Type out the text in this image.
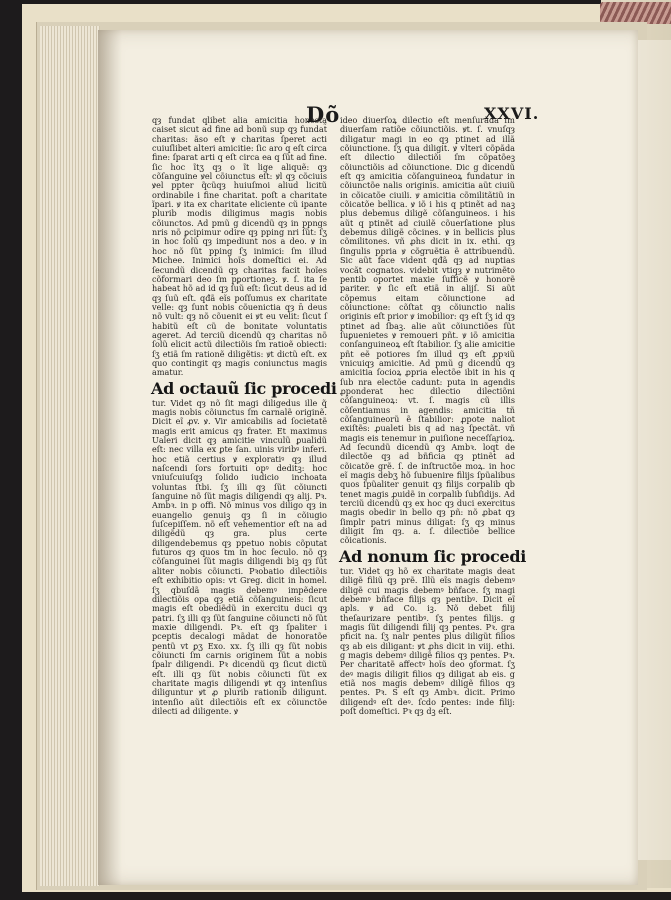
Dõ	XXVI.

qȝ fundat qlibet alia amicitia honesta caiset sicut ad fine ad bonũ sup qȝ fundat̃ charitas: ãso eſt ꝟ charitas ſperet acti cuiuſlibet alteri amicitie: ſic aro q eſt circa fine: ſparat arti q eſt circa ea q ſũt ad fine. ſic hoc ĩtʒ qȝ o ĩt lige aliquẽ: qȝ cõſanguine ꝟel cõiunctus eſt: ꝟl qȝ cõciuis ꝟel ppter q̃cũqȝ huiuſmoi aliud licitũ ordinabile i fine charitat. poſt a charitate ĩpari. ꝟ ita ex charitate eliciente cũ ipante plurib modis diligimus magis nobis cõiunctos. Ad pmũ g dicendũ qȝ in ppngs nris nõ ꝑcipimur odire qȝ pping nri ſũt: ſʒ in hoc ſolũ qȝ impediunt nos a deo. ꝟ in hoc nõ ſũt pping ſʒ inimici: ſm illud Michee. Inimici hoĩs domeſtici ei. Ad ſecundũ dicendũ qȝ charitas facit hoĩes cõformari deo ſm pꝑortioneꝫ. ꝟ. ſ. ita ſe habeat hõ ad id qȝ ſuũ eſt: ſicut deus ad id qȝ ſuũ eſt. qđã eĩs poſſumus ex charitate velle: qȝ ſunt nobis cõuenictia qȝ n̄ deus nõ vult: qȝ nõ cõuenit ei ꝟt eu velit: ſicut ſ habitũ eſt cũ de bonitate voluntatis ageret. Ad terciũ dicendũ qȝ charitas nõ ſolũ elicit actũ dilectiõis ſm ratioẽ obiecti: ſʒ etiã ſm rationẽ diligẽtis: ꝟt dictũ eſt. ex quo contingit qȝ magis coniunctus magis amatur.

Ad octauũ ſic procedi

tur. Videt qȝ nõ ſit magi diligedus ille q̃ magis nobis cõiunctus ſm carnalẽ originẽ. Dicit eĩ ꝓv. ꝟ. Vir amicabilis ad ſocietatẽ magis erit amicus qȝ frater. Et maximus Ualeri dicit qȝ amicitie vinculũ ꝑualidũ eſt: nec villa ex ꝑte ſan. uinis viribꝰ inferi. hoc etiã certius ꝟ exploratiꝰ qȝ illud naſcendi ſors fortuiti opꝰ deditꝫ: hoc vniuſcuiuſqȝ ſolido iudicio inchoata voluntas ſtbi. ſʒ illi qȝ ſũt cõiuncti ſanguine nõ ſũt magis diligendi qȝ alij. Pꝛ. Ambꝛ. in p offi. Nõ minus vos diligo qȝ in euangelio genuiꝫ qȝ ſi in cõiugio ſuſcepiſſem. nõ eſt vehementior eſt na ad diligẽdũ qȝ gra. plus certe diligendebemus qȝ ppetuo nobis cõputat futuros qȝ quos tm in hoc ſeculo. nõ qȝ cõſanguinei ſũt magis diligendi biꝫ qȝ ſũt aliter nobis cõiuncti. Pꝛobatio dilectiõis eſt exhibitio opis: vt Greg. dicit in homel. ſʒ qbuſdã magis debemꝰ impẽdere dilectiõis opa qȝ etiã cõſanguineis: ſicut magis eſt obediẽdũ in exercitu duci qȝ patri. ſʒ illi qȝ ſũt ſanguine cõiuncti nõ ſũt maxie diligendi. Pꝛ. eſt qȝ ſpaliter i pceptis decalogi mãdat de honoratõe pentũ vt ꝑʒ Exo. xx. ſʒ illi qȝ ſũt nobis cõiuncti ſm carnis originem ſũt a nobis ſpalr diligendi. Pꝛ dicendũ qȝ ſicut dictũ eſt. illi qȝ ſũt nobis cõiuncti ſũt ex charitate magis diligendi ꝟt qȝ intenſius diliguntur ꝟt ꝓ plurib rationib diligunt. intenſio aũt dilectiõis eſt ex cõiunctõe dilecti ad diligente. ꝟ

ideo diuerſoꝝ dilectio eſt menſurãda ſm diuerſam ratiõe cõiunctiõis. ꝟt. ſ. vnuſqȝ diligatur magi in eo qȝ ptinet ad illã cõiunctione. ſʒ qua diligit. ꝟ vlteri cõpãda eſt dilectio dilectiõi ſm cõpatõeꝫ cõiunctiõis ad cõiunctione. Dic g dicendũ eſt qȝ amicitia cõſanguineoꝝ fundatur in cõiunctõe nalis originis. amicitia aũt ciuiũ in cõicatõe ciuili. ꝟ amicitia cõmilitãtiũ in cõicatõe bellica. ꝟ iõ i his q ptinẽt ad naꝫ plus debemus diligẽ cõſanguineos. i his aũt q ptinẽt ad ciuilẽ cõuerſatione plus debemus diligẽ cõcines. ꝟ in bellicis plus cõmilitones. vñ ꝓhs dicit in ix. ethi. qȝ ſingulis ppria ꝟ cõgruẽtia ẽ attribuendũ. Sic aũt face vident qđã qȝ ad nuptias vocãt cognatos. videbit vtiqȝ ꝟ nutrimẽto pentib oportet maxie ſufficẽ ꝟ honorẽ pariter. ꝟ ſic eſt etiã in alijſ. Si aũt cõpemus eitam cõiunctione ad cõiunctione: cõſtat qȝ cõiunctio nalis originis eſt prior ꝟ imobilior: qȝ eſt ſʒ id qȝ ptinet ad ſbaꝫ. alie aũt cõiunctiões ſũt ſuꝑuenietes ꝟ remoueri pñt. ꝟ iõ amicitia conſanguineoꝝ eſt ſtabilior. ſʒ alie amicitie pñt eẽ potiores ſm illud qȝ eſt ꝓpꝛiũ vnicuiqȝ amicitie. Ad pmũ g dicendũ qȝ amicitia ſocioꝝ ꝓpria electõe ibit in his q ſub nra electõe cadunt: puta in agendis ꝓponderat hec dilectio dilectiõni cõſanguineoꝝ: vt. ſ. magis cũ illis cõſentiamus in agendis: amicitia tñ cõſanguineorũ ẽ ſtabilior: ꝓpote naliot exiſtẽs: ꝓualeti bis q ad naꝫ ſpectãt. vñ magis eis tenemur in ꝓuiſione neceſſarioꝝ. Ad ſecundũ dicendũ qȝ Ambꝛ. loqt̃ de dilectõe qȝ ad bñficia qȝ ptinẽt ad cõicatõe grẽ. ſ. de inſtructõe moꝝ. in hoc eĩ magis debʒ hõ ſubuenire filijs ſpũalibus quos ſpũaliter genuit qȝ filijs corpalib qb tenet magis ꝓuidẽ in corpalib ſubſidijs. Ad terciũ dicendũ qȝ ex hoc qȝ duci exercitus magis obedir in bello qȝ pñ: nõ ꝓbat qȝ ſimplr patri minus diligat: ſʒ qȝ minus diligit ſm qȝ. a. ſ. dilectiõe bellice cõicationis.

Ad nonum ſic procedi

tur. Videt qȝ hõ ex charitate magis deat diligẽ filiũ qȝ prẽ. Illũ eĩs magis debemꝰ diligẽ cui magis debemꝰ bñface. ſʒ magi debemꝰ bñface filijs qȝ pentibꝰ. Dicit eĩ apls. ꝟ ad Co. iꝫ. Nõ debet filij theſaurizare pentibꝰ. ſʒ pentes filijs. g magis ſũt diligendi filij qȝ pentes. Pꝛ. gra pficit na. ſʒ nalr pentes plus diligũt filios qȝ ab eis diligant: ꝟt ꝓhs dicit in viij. ethi. g magis debemꝰ diligẽ filios qȝ pentes. Pꝛ. Per charitatẽ affectꝰ hoĩs deo ꝯformat. ſʒ deꝰ magis diligit filios qȝ diligat ab eis. g etiã nos magis debemꝰ diligẽ filios qȝ pentes. Pꝛ. S eſt qȝ Ambꝛ. dicit. Primo diligendꝰ eſt deꝰ. ſcdo pentes: inde filij: poſt domeſtici. Pꝛ qȝ dꝫ eſt.
